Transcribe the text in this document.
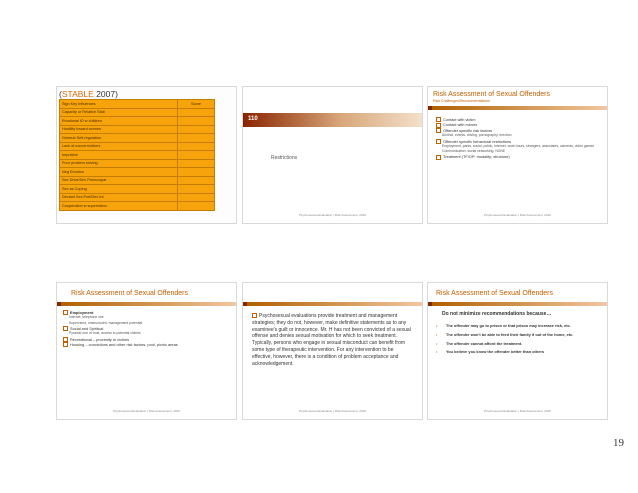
(STABLE 2007)
Sign Key Influences	Score
Capacity or Relative Stab	
Emotional ID w children	
Hostility toward women	
General Self-regulation	
Lack of concern/others	
Impulsive	
Poor problem solving	
Neg Emotion	
Sex Drive/Sex Preoccupat	
Sex as Coping	
Deviant Sex Pref/Dev Int	
Cooperation w supervision	
110
Restrictions
Psychosexual Evaluation | Risk Assessment, 2016
Risk Assessment of Sexual Offenders
Risk Challenges/Recommendations
Contact with victim
Contact with minors
Offender specific risk factors
Alcohol, events, driving, pornography, erection
Offender specific behavioral restrictions
Employment, parks, social, public, Internet, work hours, strangers, associates, cameras, video games
Communication: social networking: NONE
Treatment (TF/OP; modality; structure)
Psychosexual Evaluation | Risk Assessment, 2016
Risk Assessment of Sexual Offenders
Employment
Internet, telephone use
Supervised, unstructured, management potential
Social and Spiritual
Pyramid one of trust, access to potential victims
Recreational – proximity to victims
Housing – convictions and other risk factors: pool, picnic areas
Psychosexual Evaluation | Risk Assessment, 2016
Psychosexual evaluations provide treatment and management strategies; they do not, however, make definitive statements as to any examinee's guilt or innocence. Mr. H has not been convicted of a sexual offense and denies sexual motivation for which to seek treatment. Typically, persons who engage in sexual misconduct can benefit from some type of therapeutic intervention. For any intervention to be effective, however, there is a condition of problem acceptance and acknowledgement.
Psychosexual Evaluation | Risk Assessment, 2016
Risk Assessment of Sexual Offenders
Do not minimize recommendations because…
• The offender may go to prison or that prison may increase risk, etc.
• The offender won't be able to feed their family if out of the home, etc.
• The offender cannot afford the treatment.
• You believe you know the offender better than others
Psychosexual Evaluation | Risk Assessment, 2016
19
